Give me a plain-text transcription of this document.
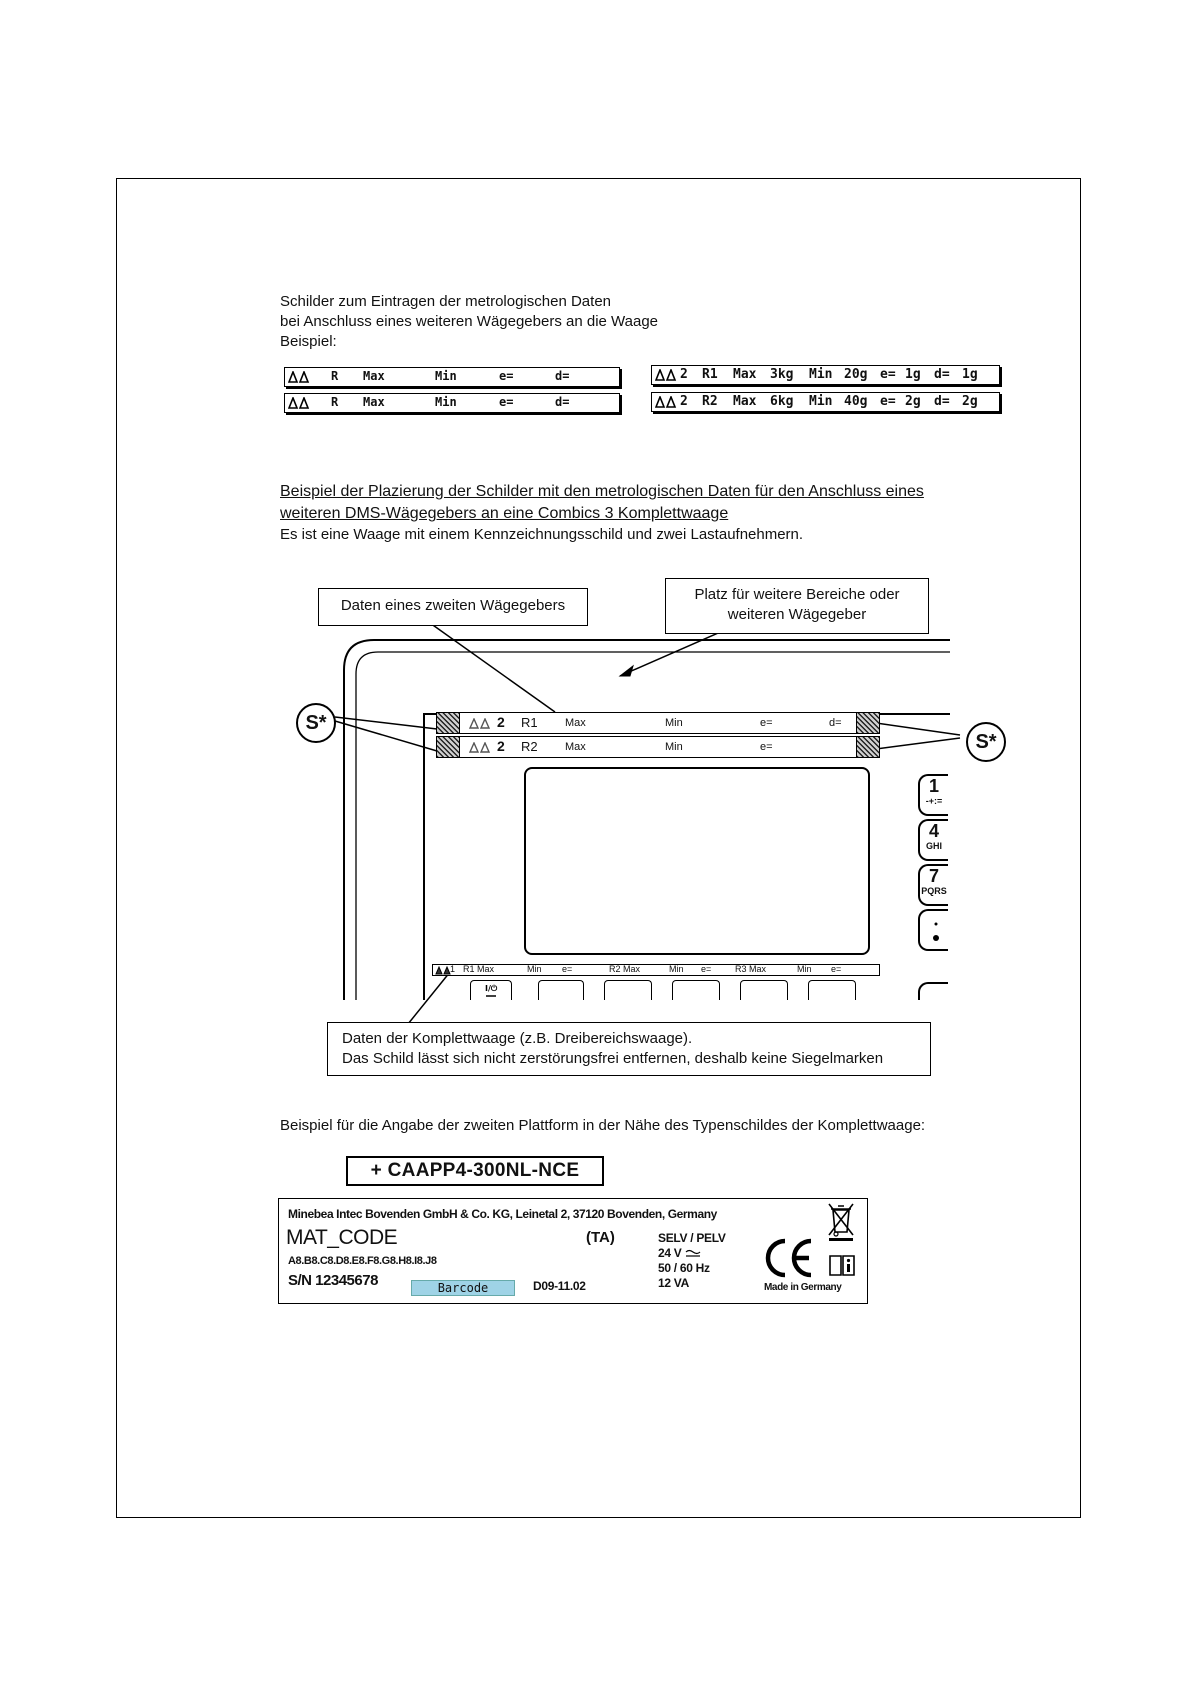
Schilder zum Eintragen der metrologischen Daten
bei Anschluss eines weiteren Wägegebers an die Waage
Beispiel:
R Max	Min	e=	d=
R Max	Min	e=	d=
2 R1 Max 3kg Min 20g e= 1g d= 1g
2 R2 Max 6kg Min 40g e= 2g d= 2g
Beispiel der Plazierung der Schilder mit den metrologischen Daten für den Anschluss eines
weiteren DMS-Wägegebers an eine Combics 3 Komplettwaage
Es ist eine Waage mit einem Kennzeichnungsschild und zwei Lastaufnehmern.
Daten eines zweiten Wägegebers
Platz für weitere Bereiche oder
weiteren Wägegeber
S*
S*
2 R1 Max	Min	e=	d=
2 R2 Max	Min	e=
1
-+:=
4
GHI
7
PQRS
1 R1 Max	Min e=	R2 Max	Min e=	R3 Max	Min e=
I/⏻
Daten der Komplettwaage (z.B. Dreibereichswaage).
Das Schild lässt sich nicht zerstörungsfrei entfernen, deshalb keine Siegelmarken
Beispiel für die Angabe der zweiten Plattform in der Nähe des Typenschildes der Komplettwaage:
+ CAAPP4-300NL-NCE
Minebea Intec Bovenden GmbH & Co. KG, Leinetal 2, 37120 Bovenden, Germany
MAT_CODE	(TA)
A8.B8.C8.D8.E8.F8.G8.H8.I8.J8
S/N 12345678	Barcode	D09-11.02
SELV / PELV
24 V
50 / 60 Hz
12 VA	Made in Germany
